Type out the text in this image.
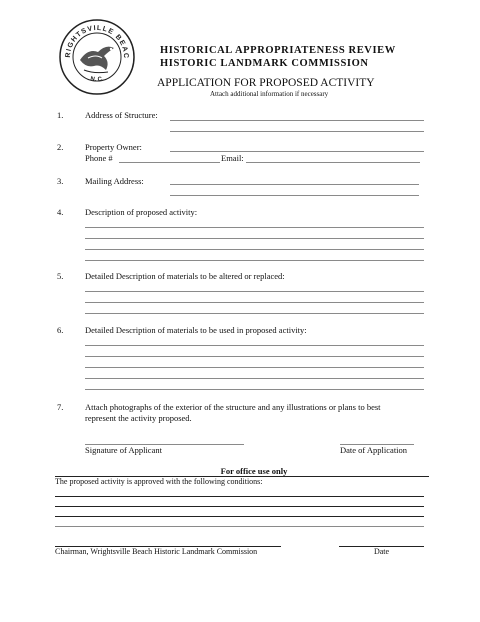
RIGHTSVILLE BEAC
N. C.
HISTORICAL APPROPRIATENESS REVIEW
HISTORIC LANDMARK COMMISSION
APPLICATION FOR PROPOSED ACTIVITY
Attach additional information if necessary
1.	Address of Structure:
2.	Property Owner:
Phone #	Email:
3.	Mailing Address:
4.	Description of proposed activity:
5.	Detailed Description of materials to be altered or replaced:
6.	Detailed Description of materials to be used in proposed activity:
7.	Attach photographs of the exterior of the structure and any illustrations or plans to best
represent the activity proposed.
Signature of Applicant	Date of Application
For office use only
The proposed activity is approved with the following conditions:
Chairman, Wrightsville Beach Historic Landmark Commission	Date
